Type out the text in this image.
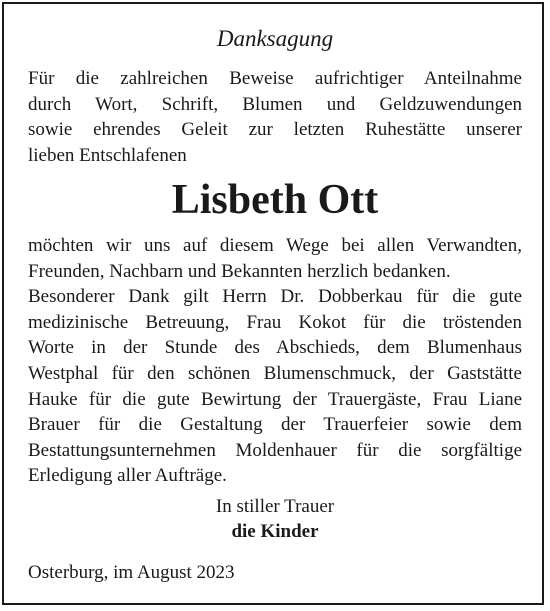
Danksagung

Für die zahlreichen Beweise aufrichtiger Anteilnahme
durch Wort, Schrift, Blumen und Geldzuwendungen
sowie ehrendes Geleit zur letzten Ruhestätte unserer
lieben Entschlafenen

Lisbeth Ott

möchten wir uns auf diesem Wege bei allen Verwandten,
Freunden, Nachbarn und Bekannten herzlich bedanken.
Besonderer Dank gilt Herrn Dr. Dobberkau für die gute
medizinische Betreuung, Frau Kokot für die tröstenden
Worte in der Stunde des Abschieds, dem Blumenhaus
Westphal für den schönen Blumenschmuck, der Gaststätte
Hauke für die gute Bewirtung der Trauergäste, Frau Liane
Brauer für die Gestaltung der Trauerfeier sowie dem
Bestattungsunternehmen Moldenhauer für die sorgfältige
Erledigung aller Aufträge.

In stiller Trauer
die Kinder
Osterburg, im August 2023
